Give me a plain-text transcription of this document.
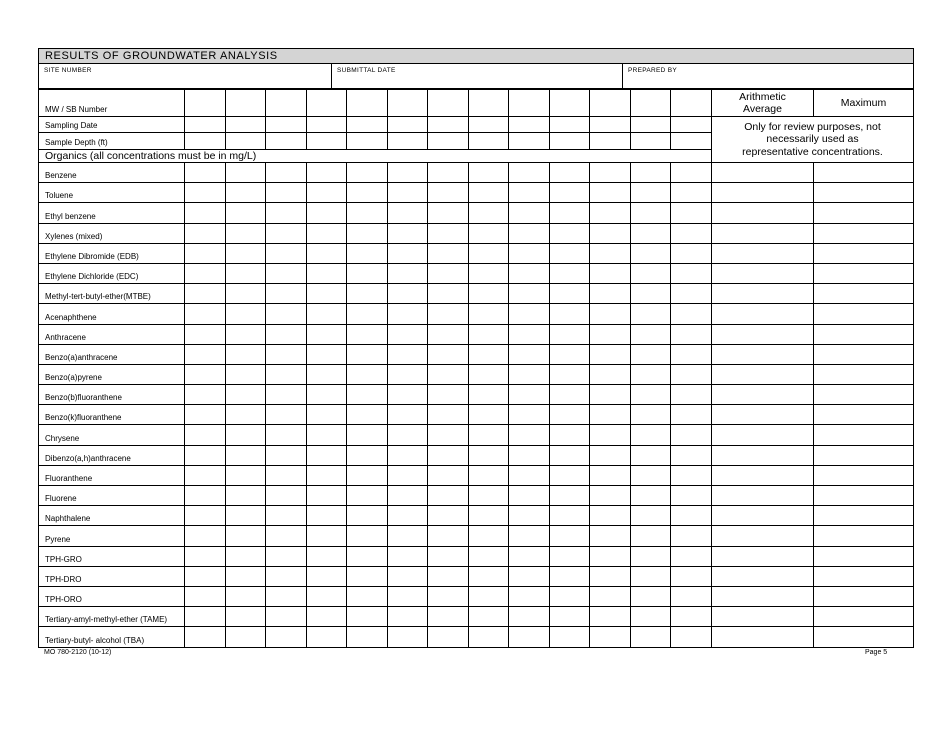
RESULTS OF GROUNDWATER ANALYSIS
SITE NUMBER	SUBMITTAL DATE	PREPARED BY
MW / SB Number														Arithmetic Average	Maximum
Sampling Date														Only for review purposes, not necessarily used as representative concentrations.	
Sample Depth (ft)															
Organics (all concentrations must be in mg/L)															
Benzene															
Toluene															
Ethyl benzene															
Xylenes (mixed)															
Ethylene Dibromide (EDB)															
Ethylene Dichloride (EDC)															
Methyl-tert-butyl-ether(MTBE)															
Acenaphthene															
Anthracene															
Benzo(a)anthracene															
Benzo(a)pyrene															
Benzo(b)fluoranthene															
Benzo(k)fluoranthene															
Chrysene															
Dibenzo(a,h)anthracene															
Fluoranthene															
Fluorene															
Naphthalene															
Pyrene															
TPH-GRO															
TPH-DRO															
TPH-ORO															
Tertiary-amyl-methyl-ether (TAME)															
Tertiary-butyl- alcohol (TBA)															
MO 780-2120 (10-12)	Page 5
